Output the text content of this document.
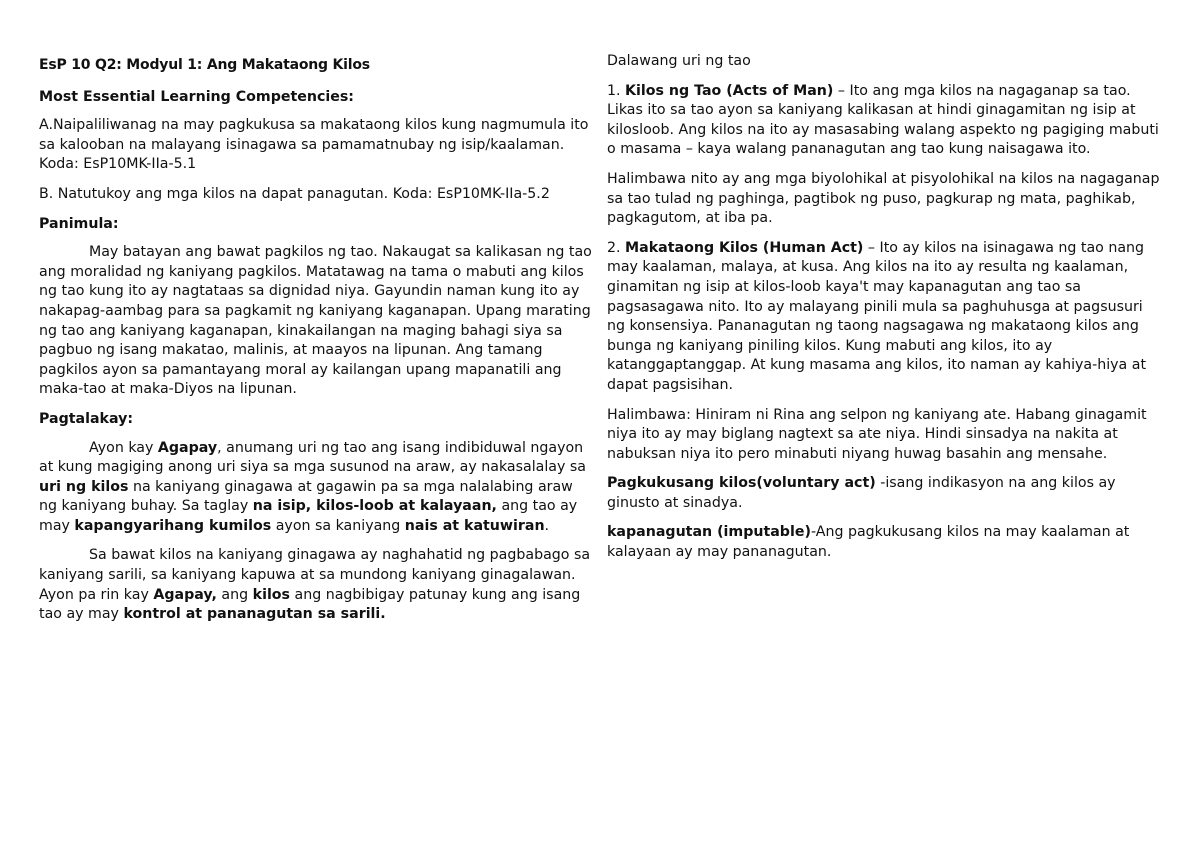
EsP 10 Q2: Modyul 1: Ang Makataong Kilos

Most Essential Learning Competencies:

A.Naipaliliwanag na may pagkukusa sa makataong kilos kung nagmumula ito sa kalooban na malayang isinagawa sa pamamatnubay ng isip/kaalaman. Koda: EsP10MK-IIa-5.1

B. Natutukoy ang mga kilos na dapat panagutan. Koda: EsP10MK-IIa-5.2

Panimula:

May batayan ang bawat pagkilos ng tao. Nakaugat sa kalikasan ng tao ang moralidad ng kaniyang pagkilos. Matatawag na tama o mabuti ang kilos ng tao kung ito ay nagtataas sa dignidad niya. Gayundin naman kung ito ay nakapag-aambag para sa pagkamit ng kaniyang kaganapan. Upang marating ng tao ang kaniyang kaganapan, kinakailangan na maging bahagi siya sa pagbuo ng isang makatao, malinis, at maayos na lipunan. Ang tamang pagkilos ayon sa pamantayang moral ay kailangan upang mapanatili ang maka-tao at maka-Diyos na lipunan.

Pagtalakay:

Ayon kay Agapay, anumang uri ng tao ang isang indibiduwal ngayon at kung magiging anong uri siya sa mga susunod na araw, ay nakasalalay sa uri ng kilos na kaniyang ginagawa at gagawin pa sa mga nalalabing araw ng kaniyang buhay. Sa taglay na isip, kilos-loob at kalayaan, ang tao ay may kapangyarihang kumilos ayon sa kaniyang nais at katuwiran.

Sa bawat kilos na kaniyang ginagawa ay naghahatid ng pagbabago sa kaniyang sarili, sa kaniyang kapuwa at sa mundong kaniyang ginagalawan. Ayon pa rin kay Agapay, ang kilos ang nagbibigay patunay kung ang isang tao ay may kontrol at pananagutan sa sarili.

Dalawang uri ng tao

1. Kilos ng Tao (Acts of Man) – Ito ang mga kilos na nagaganap sa tao. Likas ito sa tao ayon sa kaniyang kalikasan at hindi ginagamitan ng isip at kilosloob. Ang kilos na ito ay masasabing walang aspekto ng pagiging mabuti o masama – kaya walang pananagutan ang tao kung naisagawa ito.

Halimbawa nito ay ang mga biyolohikal at pisyolohikal na kilos na nagaganap sa tao tulad ng paghinga, pagtibok ng puso, pagkurap ng mata, paghikab, pagkagutom, at iba pa.

2. Makataong Kilos (Human Act) – Ito ay kilos na isinagawa ng tao nang may kaalaman, malaya, at kusa. Ang kilos na ito ay resulta ng kaalaman, ginamitan ng isip at kilos-loob kaya't may kapanagutan ang tao sa pagsasagawa nito. Ito ay malayang pinili mula sa paghuhusga at pagsusuri ng konsensiya. Pananagutan ng taong nagsagawa ng makataong kilos ang bunga ng kaniyang piniling kilos. Kung mabuti ang kilos, ito ay katanggaptanggap. At kung masama ang kilos, ito naman ay kahiya-hiya at dapat pagsisihan.

Halimbawa: Hiniram ni Rina ang selpon ng kaniyang ate. Habang ginagamit niya ito ay may biglang nagtext sa ate niya. Hindi sinsadya na nakita at nabuksan niya ito pero minabuti niyang huwag basahin ang mensahe.

Pagkukusang kilos(voluntary act) -isang indikasyon na ang kilos ay ginusto at sinadya.

kapanagutan (imputable)-Ang pagkukusang kilos na may kaalaman at kalayaan ay may pananagutan.
